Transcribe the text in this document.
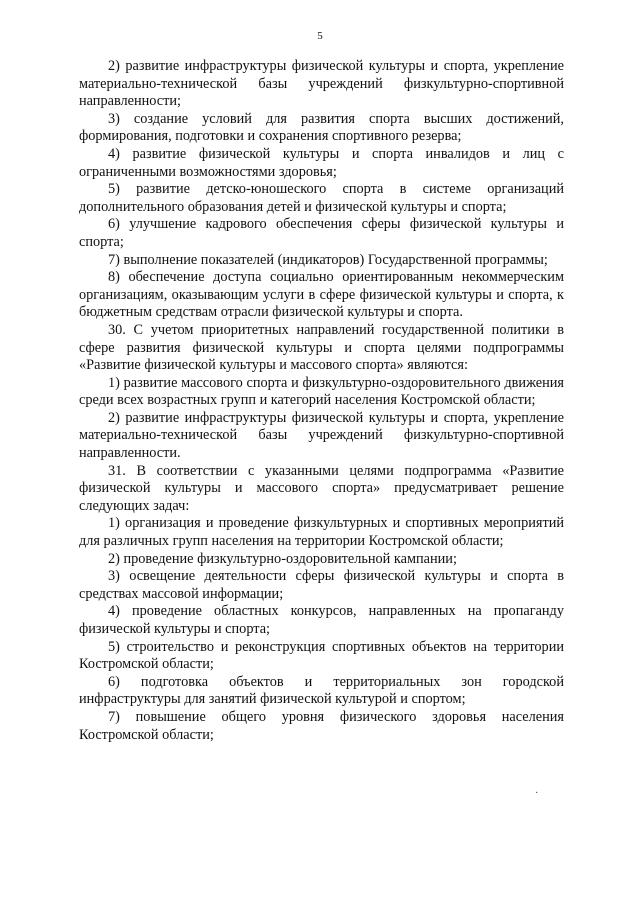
5

2) развитие инфраструктуры физической культуры и спорта, укрепление материально-технической базы учреждений физкультурно-спортивной направленности;

3) создание условий для развития спорта высших достижений, формирования, подготовки и сохранения спортивного резерва;

4) развитие физической культуры и спорта инвалидов и лиц с ограниченными возможностями здоровья;

5) развитие детско-юношеского спорта в системе организаций дополнительного образования детей и физической культуры и спорта;

6) улучшение кадрового обеспечения сферы физической культуры и спорта;

7) выполнение показателей (индикаторов) Государственной программы;

8) обеспечение доступа социально ориентированным некоммерческим организациям, оказывающим услуги в сфере физической культуры и спорта, к бюджетным средствам отрасли физической культуры и спорта.

30. С учетом приоритетных направлений государственной политики в сфере развития физической культуры и спорта целями подпрограммы «Развитие физической культуры и массового спорта» являются:

1) развитие массового спорта и физкультурно-оздоровительного движения среди всех возрастных групп и категорий населения Костромской области;

2) развитие инфраструктуры физической культуры и спорта, укрепление материально-технической базы учреждений физкультурно-спортивной направленности.

31. В соответствии с указанными целями подпрограмма «Развитие физической культуры и массового спорта» предусматривает решение следующих задач:

1) организация и проведение физкультурных и спортивных мероприятий для различных групп населения на территории Костромской области;

2) проведение физкультурно-оздоровительной кампании;

3) освещение деятельности сферы физической культуры и спорта в средствах массовой информации;

4) проведение областных конкурсов, направленных на пропаганду физической культуры и спорта;

5) строительство и реконструкция спортивных объектов на территории Костромской области;

6) подготовка объектов и территориальных зон городской инфраструктуры для занятий физической культурой и спортом;

7) повышение общего уровня физического здоровья населения Костромской области;

·
